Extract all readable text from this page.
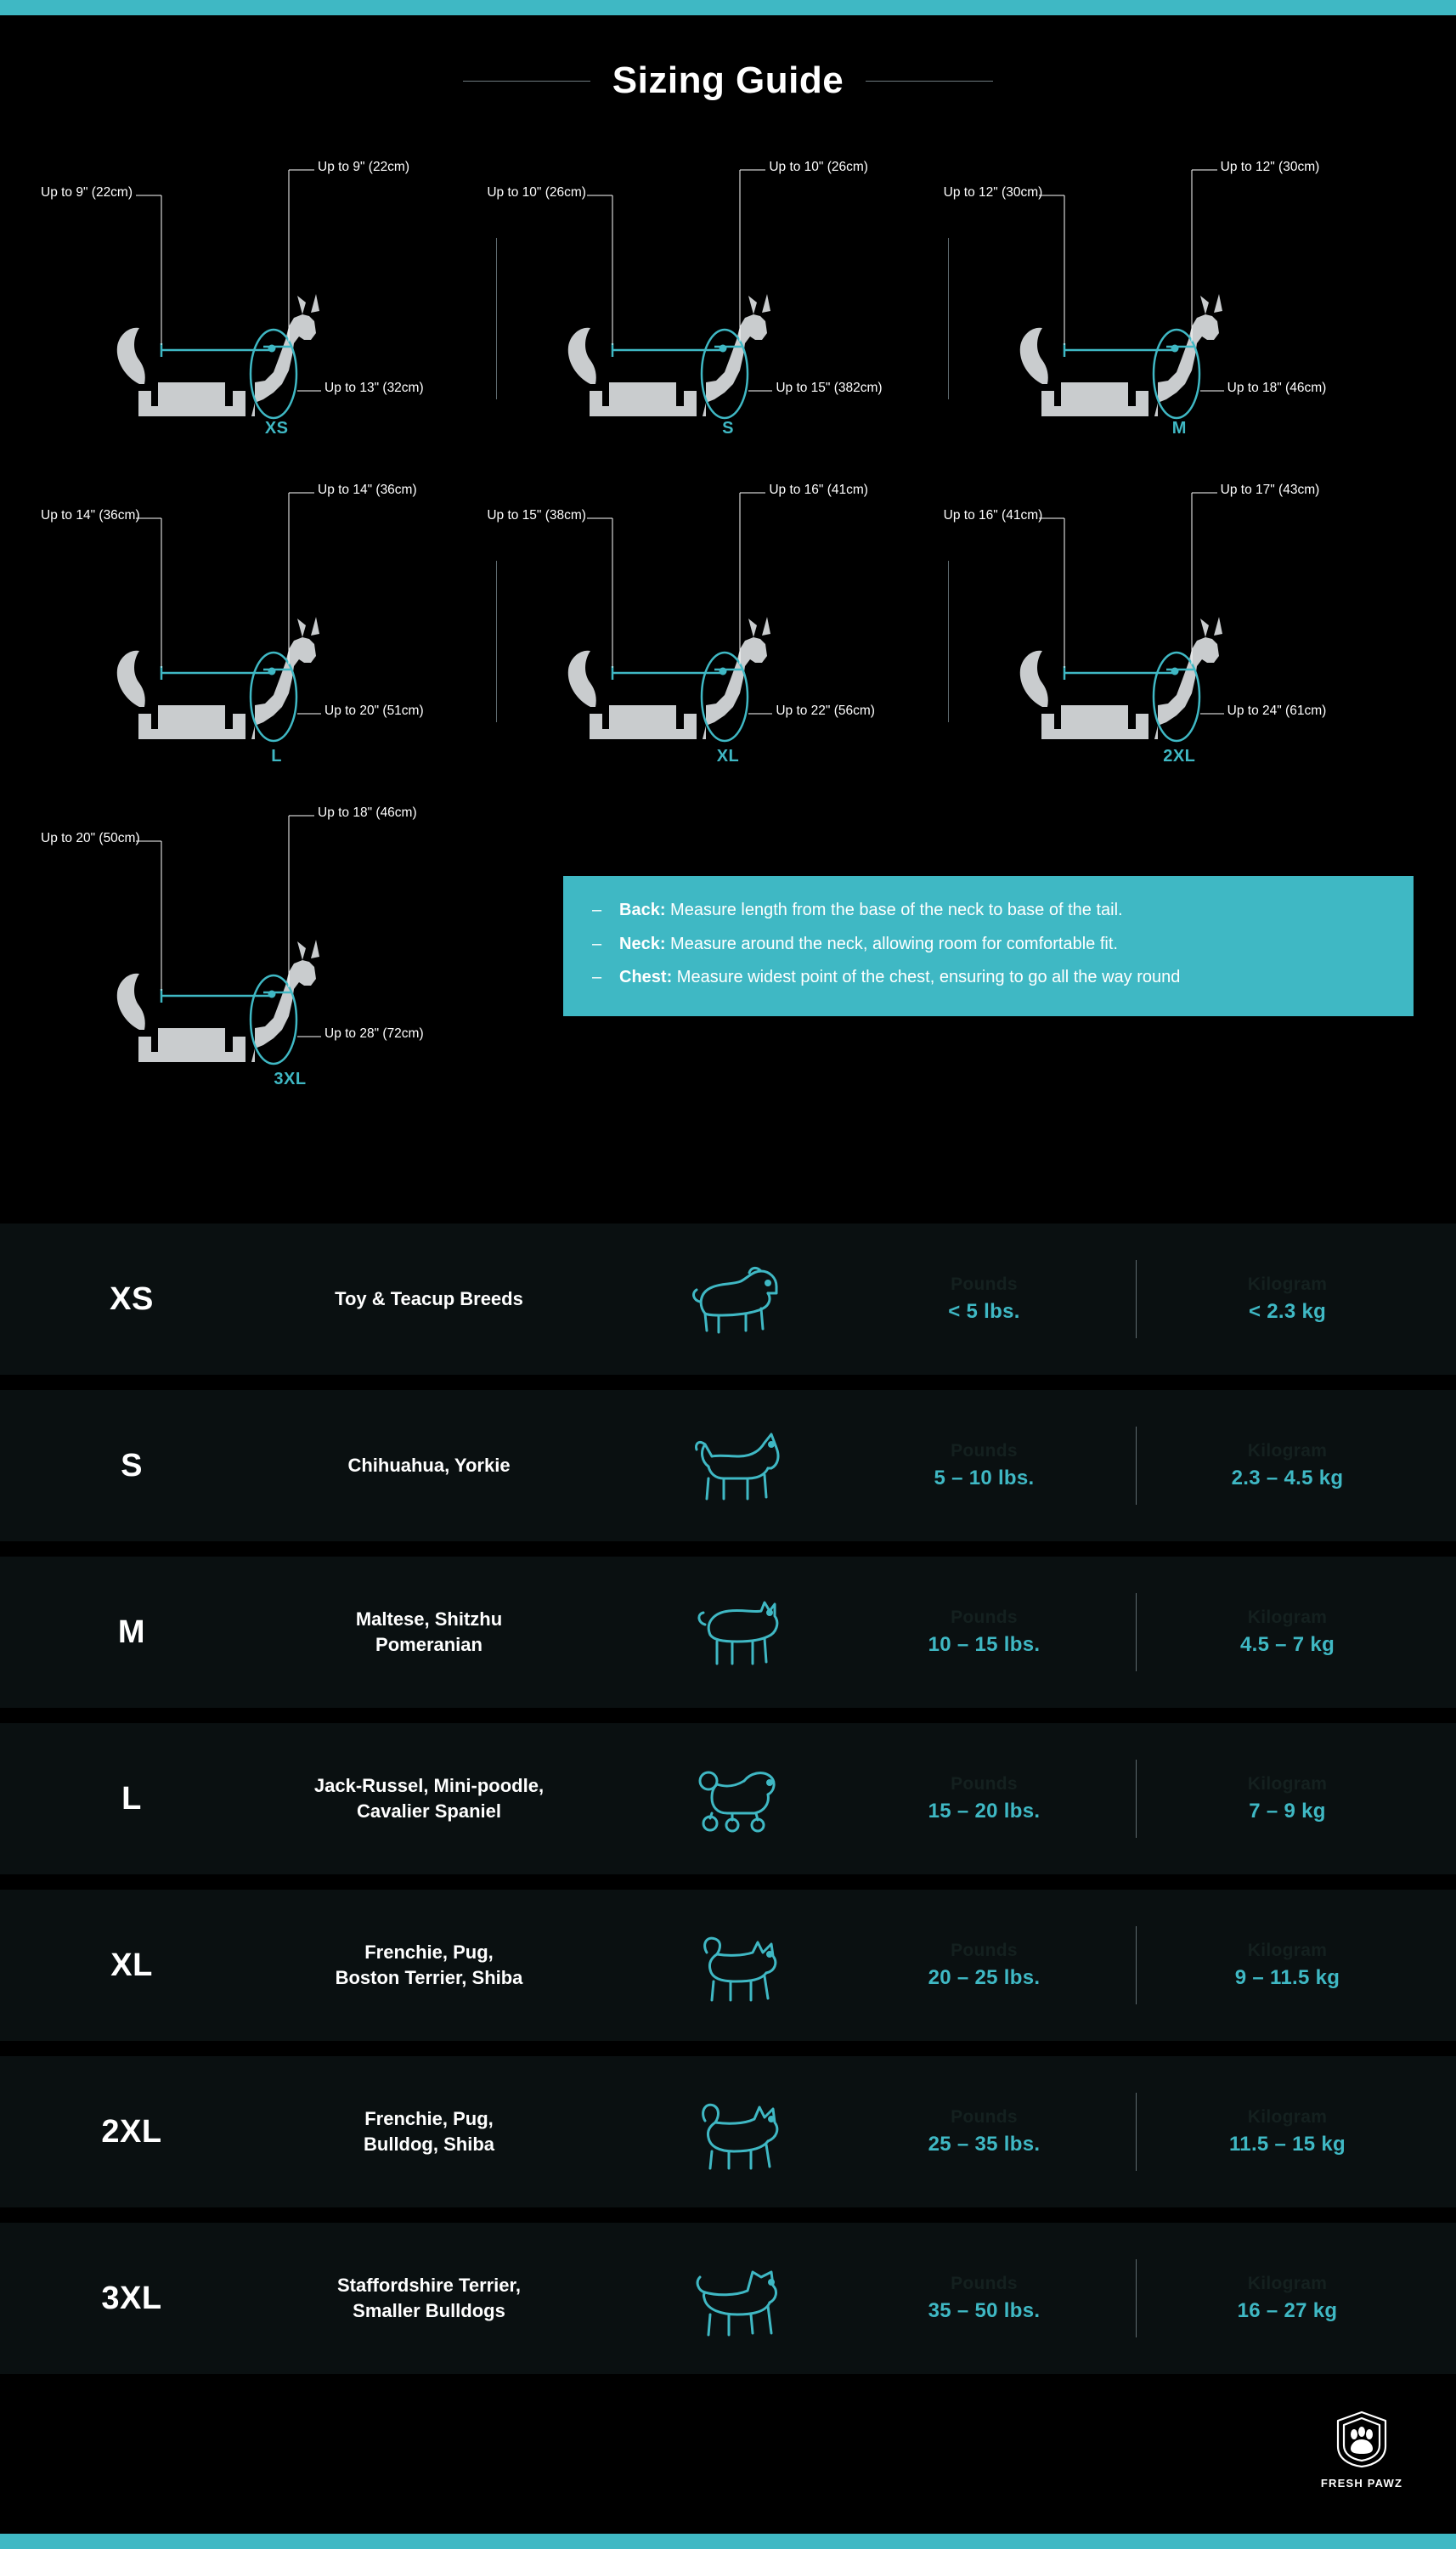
Sizing Guide
Up to 9" (22cm)
Up to 9" (22cm)
Up to 13" (32cm)
XS
Up to 10" (26cm)
Up to 10" (26cm)
Up to 15" (382cm)
S
Up to 12" (30cm)
Up to 12" (30cm)
Up to 18" (46cm)
M
Up to 14" (36cm)
Up to 14" (36cm)
Up to 20" (51cm)
L
Up to 16" (41cm)
Up to 15" (38cm)
Up to 22" (56cm)
XL
Up to 17" (43cm)
Up to 16" (41cm)
Up to 24" (61cm)
2XL
Up to 18" (46cm)
Up to 20" (50cm)
Up to 28" (72cm)
3XL
–	Back: Measure length from the base of the neck to base of the tail.
–	Neck: Measure around the neck, allowing room for comfortable fit.
–	Chest: Measure widest point of the chest, ensuring to go all the way round
XS	Toy & Teacup Breeds
Pounds
< 5 lbs.
Kilogram
< 2.3 kg
S	Chihuahua, Yorkie
Pounds
5 – 10 lbs.
Kilogram
2.3 – 4.5 kg
M	Maltese, Shitzhu
Pomeranian
Pounds
10 – 15 lbs.
Kilogram
4.5 – 7 kg
L	Jack-Russel, Mini-poodle,
Cavalier Spaniel
Pounds
15 – 20 lbs.
Kilogram
7 – 9 kg
XL	Frenchie, Pug,
Boston Terrier, Shiba
Pounds
20 – 25 lbs.
Kilogram
9 – 11.5 kg
2XL	Frenchie, Pug,
Bulldog, Shiba
Pounds
25 – 35 lbs.
Kilogram
11.5 – 15 kg
3XL	Staffordshire Terrier,
Smaller Bulldogs
Pounds
35 – 50 lbs.
Kilogram
16 – 27 kg
FRESH PAWZ
